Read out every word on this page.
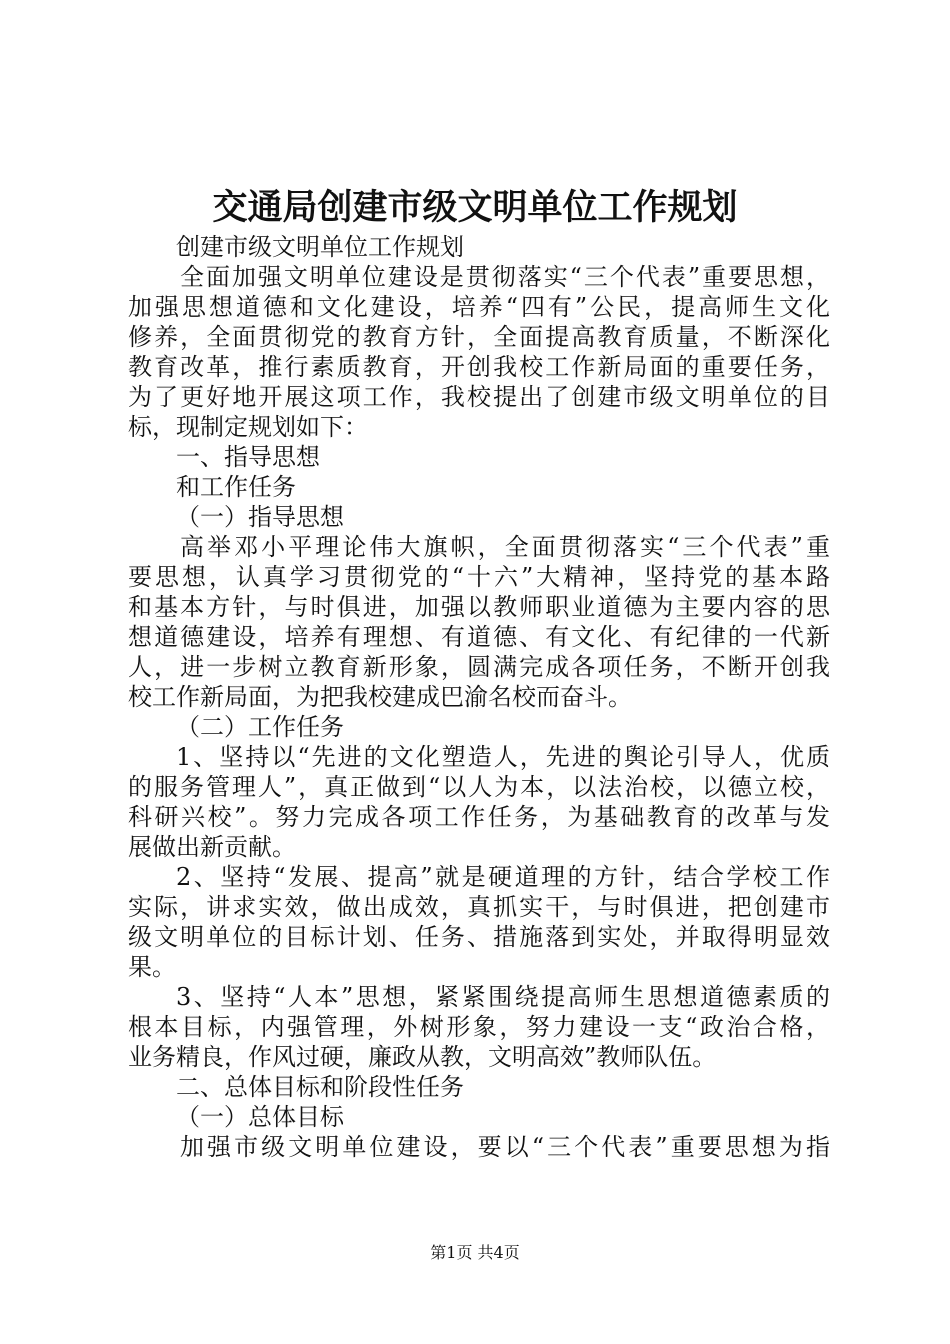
交通局创建市级文明单位工作规划
创建市级文明单位工作规划
全面加强文明单位建设是贯彻落实“三个代表”重要思想，
加强思想道德和文化建设，培养“四有”公民，提高师生文化
修养，全面贯彻党的教育方针，全面提高教育质量，不断深化
教育改革，推行素质教育，开创我校工作新局面的重要任务，
为了更好地开展这项工作，我校提出了创建市级文明单位的目
标，现制定规划如下：
一、指导思想
和工作任务
（一）指导思想
高举邓小平理论伟大旗帜，全面贯彻落实“三个代表”重
要思想，认真学习贯彻党的“十六”大精神，坚持党的基本路
和基本方针，与时俱进，加强以教师职业道德为主要内容的思
想道德建设，培养有理想、有道德、有文化、有纪律的一代新
人，进一步树立教育新形象，圆满完成各项任务，不断开创我
校工作新局面，为把我校建成巴渝名校而奋斗。
（二）工作任务
1、坚持以“先进的文化塑造人，先进的舆论引导人，优质
的服务管理人”，真正做到“以人为本，以法治校，以德立校，
科研兴校”。努力完成各项工作任务，为基础教育的改革与发
展做出新贡献。
2、坚持“发展、提高”就是硬道理的方针，结合学校工作
实际，讲求实效，做出成效，真抓实干，与时俱进，把创建市
级文明单位的目标计划、任务、措施落到实处，并取得明显效
果。
3、坚持“人本”思想，紧紧围绕提高师生思想道德素质的
根本目标，内强管理，外树形象，努力建设一支“政治合格，
业务精良，作风过硬，廉政从教，文明高效”教师队伍。
二、总体目标和阶段性任务
（一）总体目标
加强市级文明单位建设，要以“三个代表”重要思想为指
第1页 共4页
